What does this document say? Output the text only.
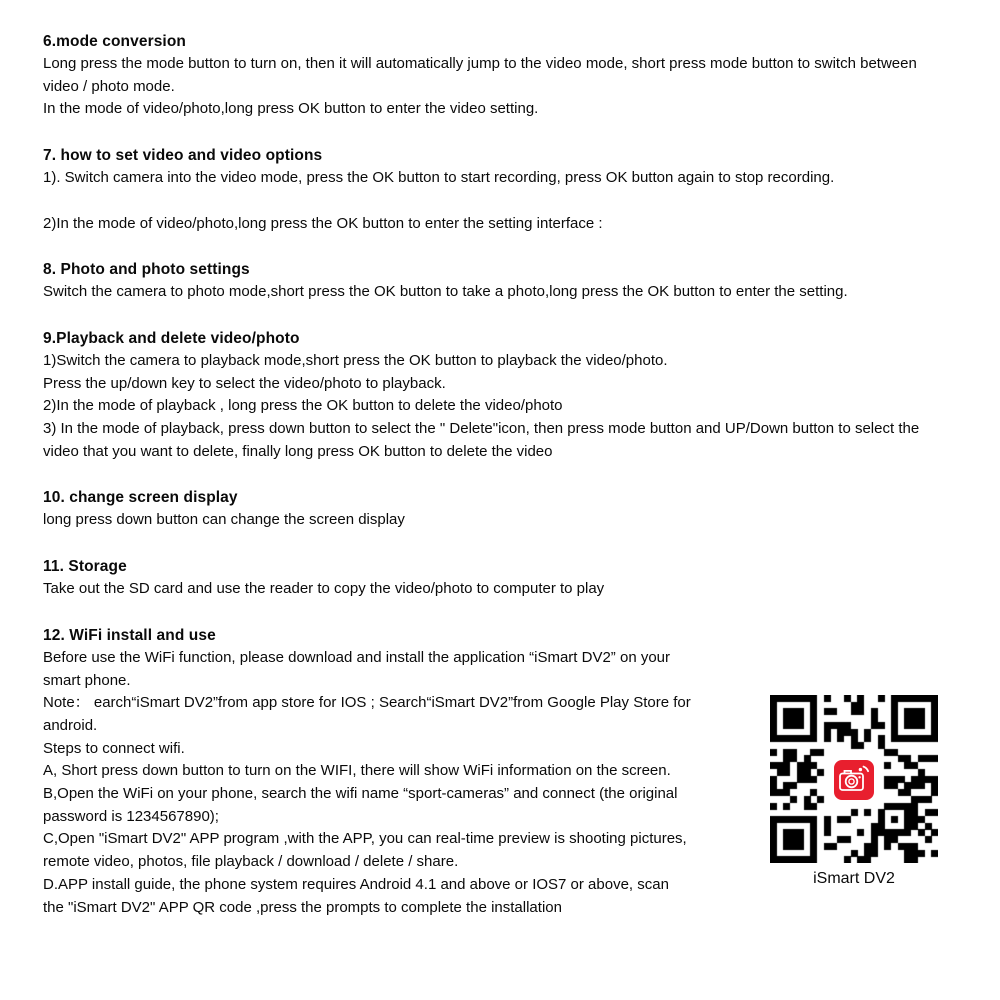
6.mode conversion

Long press the mode button to turn on, then it will automatically jump to the video mode, short press mode button to switch between

video / photo mode.

In the mode of video/photo,long press OK button to enter the video setting.

7. how to set video and video options

1). Switch camera into the video mode, press the OK button to start recording, press OK button again to stop recording.

2)In the mode of video/photo,long press the OK button to enter the setting interface :

8. Photo and photo settings

Switch the camera to photo mode,short press the OK button to take a photo,long press the OK button to enter the setting.

9.Playback and delete video/photo

1)Switch the camera to playback mode,short press the OK button to playback the video/photo.

Press the up/down key to select the video/photo to playback.

2)In the mode of playback , long press the OK button to delete the video/photo

3) In the mode of playback, press down button to select the " Delete"icon, then press mode button and UP/Down button to select the

video that you want to delete, finally long press OK button to delete the video

10. change screen display

long press down button can change the screen display

11. Storage

Take out the SD card and use the reader to copy the video/photo to computer to play

12. WiFi install and use

Before use the WiFi function, please download and install the application “iSmart DV2” on your

smart phone.

Note： earch“iSmart DV2”from app store for IOS ; Search“iSmart DV2”from Google Play Store for

android.

Steps to connect wifi.

A, Short press down button to turn on the WIFI, there will show WiFi information on the screen.

B,Open the WiFi on your phone, search the wifi name “sport-cameras” and connect (the original

password is 1234567890);

C,Open "iSmart DV2" APP program ,with the APP, you can real-time preview is shooting pictures,

remote video, photos, file playback / download / delete / share.

D.APP install guide, the phone system requires Android 4.1 and above or IOS7 or above, scan

the "iSmart DV2" APP QR code ,press the prompts to complete the installation

iSmart DV2
